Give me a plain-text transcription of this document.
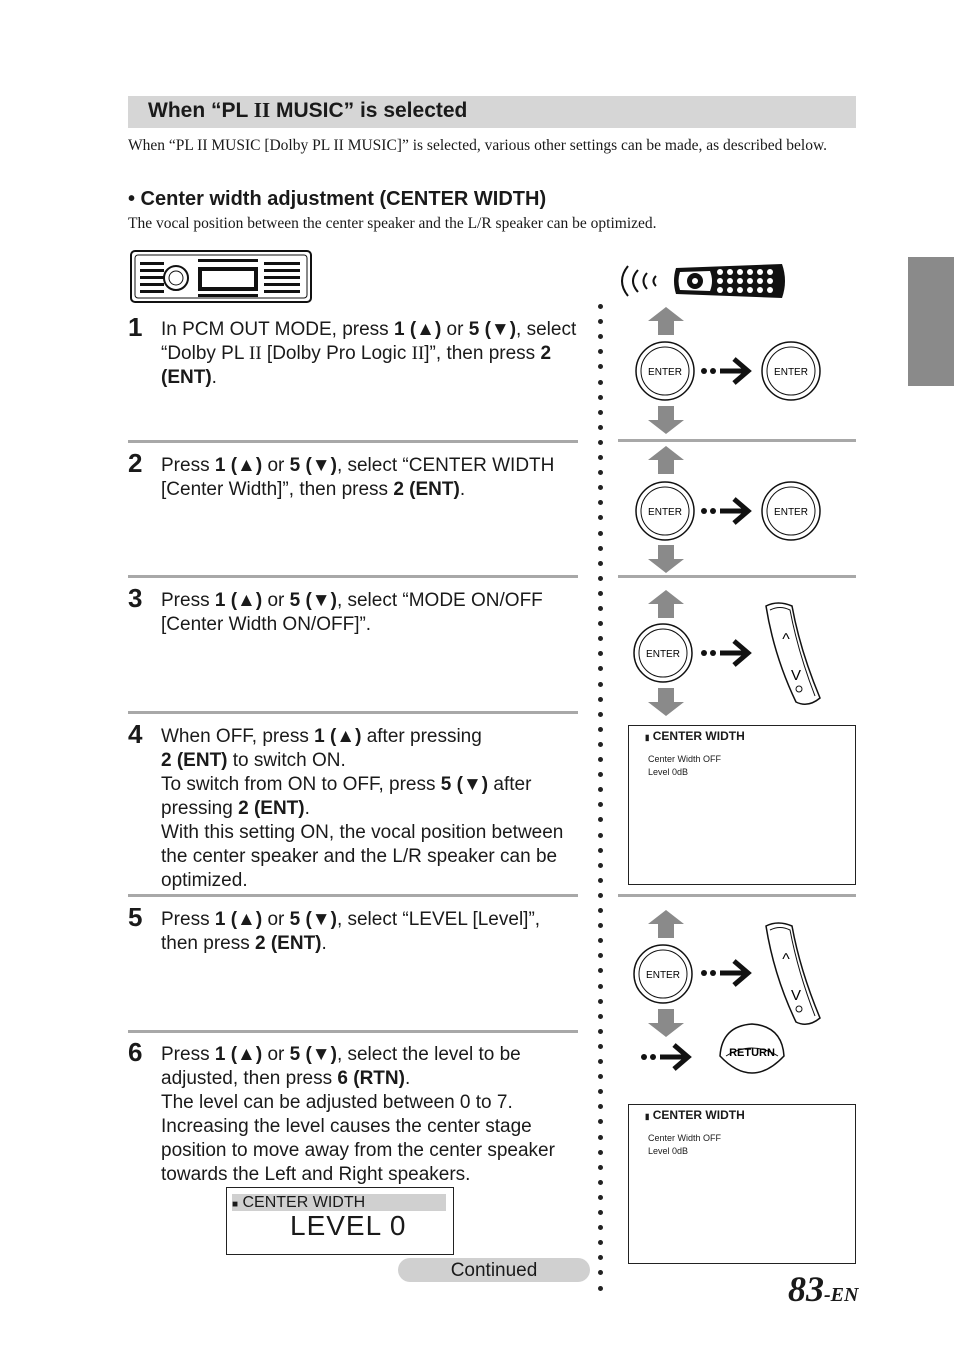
When “PL II MUSIC” is selected
When “PL II MUSIC [Dolby PL II MUSIC]” is selected, various other settings can be made, as described below.
• Center width adjustment (CENTER WIDTH)
The vocal position between the center speaker and the L/R speaker can be optimized.
1 In PCM OUT MODE, press 1 (▲) or 5 (▼), select “Dolby PL II [Dolby Pro Logic II]”, then press 2 (ENT).
2 Press 1 (▲) or 5 (▼), select “CENTER WIDTH [Center Width]”, then press 2 (ENT).
3 Press 1 (▲) or 5 (▼), select “MODE ON/OFF [Center Width ON/OFF]”.
4 When OFF, press 1 (▲) after pressing
2 (ENT) to switch ON.
To switch from ON to OFF, press 5 (▼) after pressing 2 (ENT).
With this setting ON, the vocal position between the center speaker and the L/R speaker can be optimized.
5 Press 1 (▲) or 5 (▼), select “LEVEL [Level]”, then press 2 (ENT).
6 Press 1 (▲) or 5 (▼), select the level to be adjusted, then press 6 (RTN).
The level can be adjusted between 0 to 7. Increasing the level causes the center stage position to move away from the center speaker towards the Left and Right speakers.
■ CENTER WIDTH
LEVEL 0
Continued
ENTER	ENTER
ENTER	ENTER
ENTER
^
V
▮ CENTER WIDTH
Center Width OFF
Level 0dB
ENTER
^
V
RETURN
▮ CENTER WIDTH
Center Width OFF
Level 0dB
83-EN
